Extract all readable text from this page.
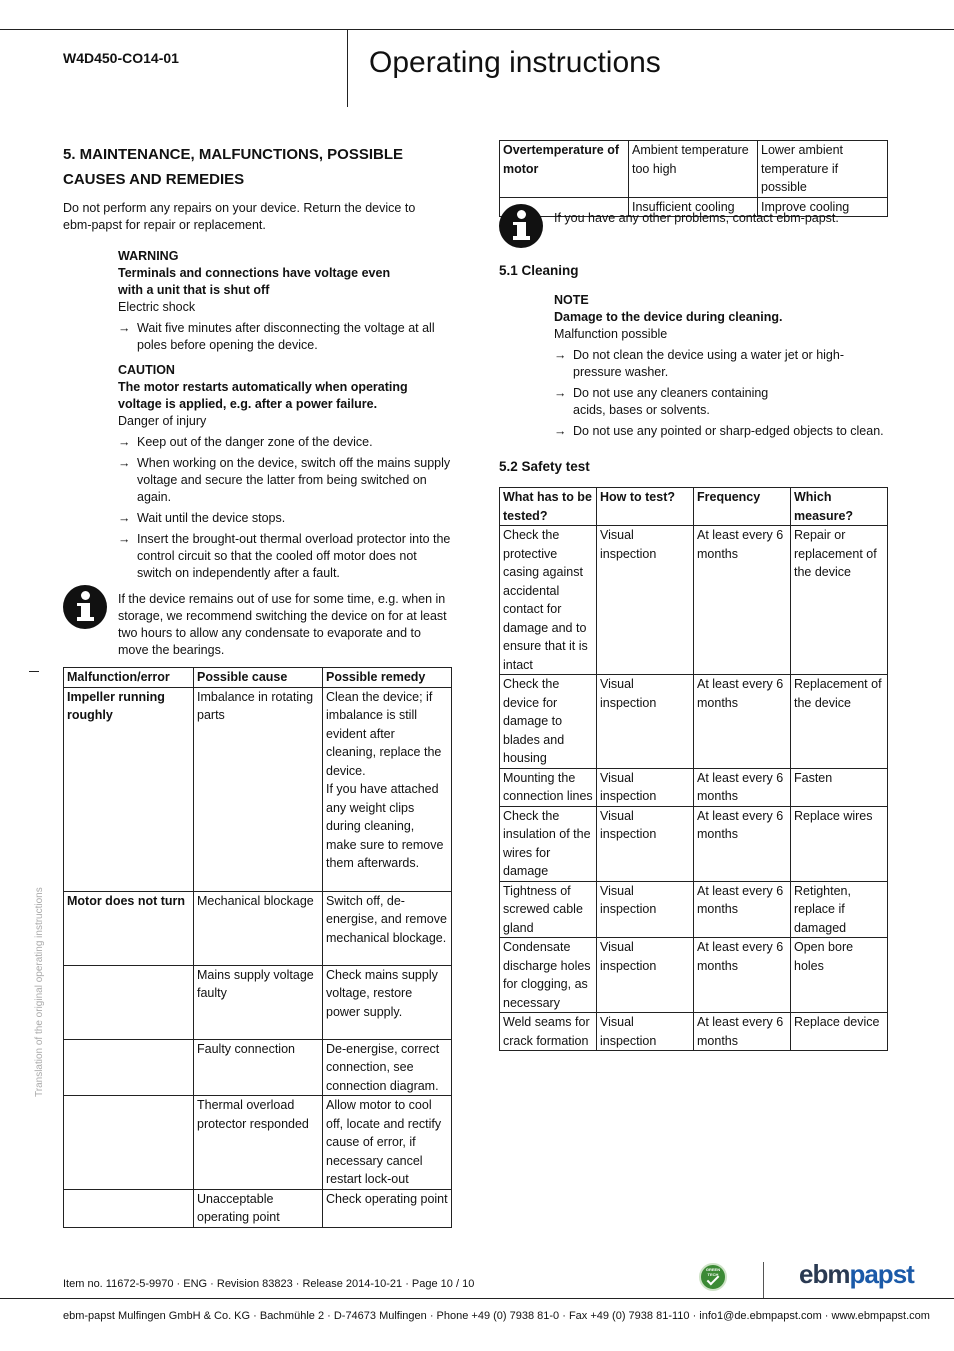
W4D450-CO14-01	Operating instructions
Translation of the original operating instructions
5. MAINTENANCE, MALFUNCTIONS, POSSIBLE
CAUSES AND REMEDIES
Do not perform any repairs on your device. Return the device to ebm-papst for repair or replacement.
WARNING
Terminals and connections have voltage even with a unit that is shut off
Electric shock
→ Wait five minutes after disconnecting the voltage at all poles before opening the device.
CAUTION
The motor restarts automatically when operating voltage is applied, e.g. after a power failure.
Danger of injury
→ Keep out of the danger zone of the device.
→ When working on the device, switch off the mains supply voltage and secure the latter from being switched on again.
→ Wait until the device stops.
→ Insert the brought-out thermal overload protector into the control circuit so that the cooled off motor does not switch on independently after a fault.
If the device remains out of use for some time, e.g. when in storage, we recommend switching the device on for at least two hours to allow any condensate to evaporate and to move the bearings.
Malfunction/error	Possible cause	Possible remedy
Impeller running roughly	Imbalance in rotating parts	Clean the device; if imbalance is still evident after cleaning, replace the device.
If you have attached any weight clips during cleaning, make sure to remove them afterwards.
Motor does not turn	Mechanical blockage	Switch off, de-energise, and remove mechanical blockage.
	Mains supply voltage faulty	Check mains supply voltage, restore power supply.
	Faulty connection	De-energise, correct connection, see connection diagram.
	Thermal overload protector responded	Allow motor to cool off, locate and rectify cause of error, if necessary cancel restart lock-out
	Unacceptable operating point	Check operating point
Overtemperature of motor	Ambient temperature too high	Lower ambient temperature if possible
	Insufficient cooling	Improve cooling
If you have any other problems, contact ebm-papst.
5.1 Cleaning
NOTE
Damage to the device during cleaning.
Malfunction possible
→ Do not clean the device using a water jet or high-pressure washer.
→ Do not use any cleaners containing acids, bases or solvents.
→ Do not use any pointed or sharp-edged objects to clean.
5.2 Safety test
What has to be tested?	How to test?	Frequency	Which measure?
Check the protective casing against accidental contact for damage and to ensure that it is intact	Visual inspection	At least every 6 months	Repair or replacement of the device
Check the device for damage to blades and housing	Visual inspection	At least every 6 months	Replacement of the device
Mounting the connection lines	Visual inspection	At least every 6 months	Fasten
Check the insulation of the wires for damage	Visual inspection	At least every 6 months	Replace wires
Tightness of screwed cable gland	Visual inspection	At least every 6 months	Retighten, replace if damaged
Condensate discharge holes for clogging, as necessary	Visual inspection	At least every 6 months	Open bore holes
Weld seams for crack formation	Visual inspection	At least every 6 months	Replace device
Item no. 11672-5-9970 · ENG · Revision 83823 · Release 2014-10-21 · Page 10 / 10
GREEN TECH	ebmpapst
ebm-papst Mulfingen GmbH & Co. KG · Bachmühle 2 · D-74673 Mulfingen · Phone +49 (0) 7938 81-0 · Fax +49 (0) 7938 81-110 · info1@de.ebmpapst.com · www.ebmpapst.com
